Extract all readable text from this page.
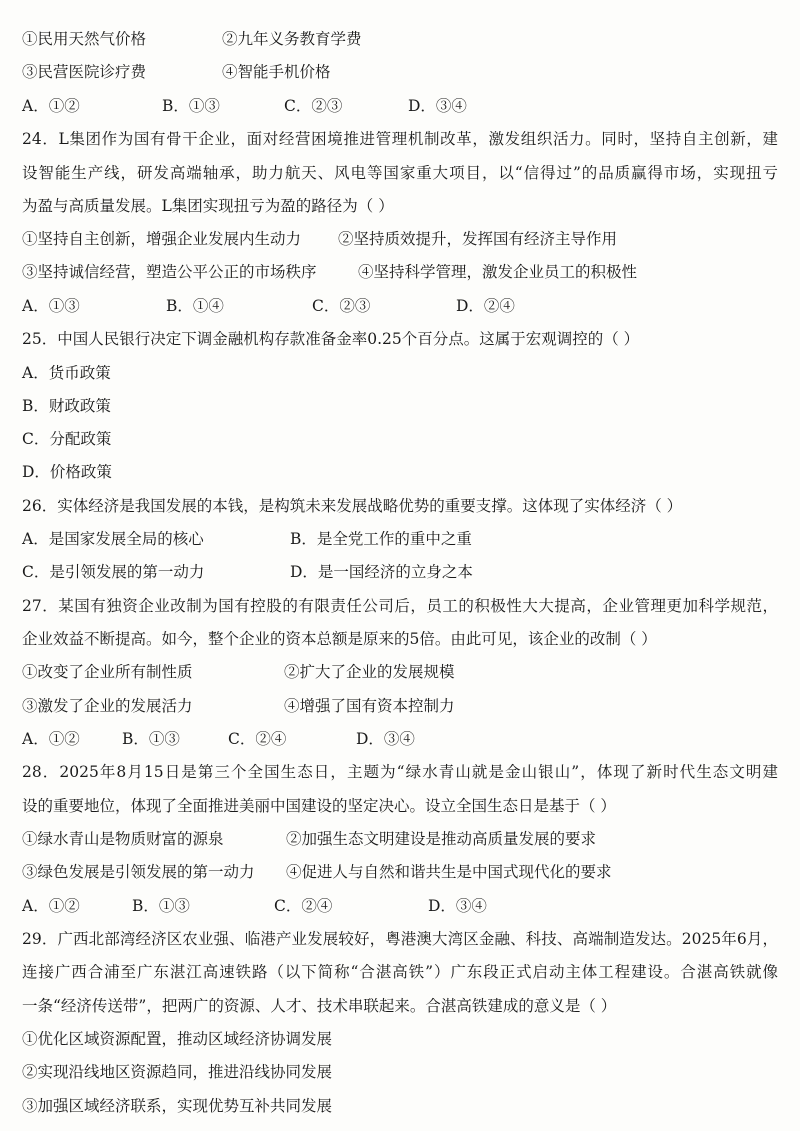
①民用天然气价格	②九年义务教育学费
③民营医院诊疗费	④智能手机价格
A．①②	B．①③	C．②③	D．③④
24．L集团作为国有骨干企业，面对经营困境推进管理机制改革，激发组织活力。同时，坚持自主创新，建
设智能生产线，研发高端轴承，助力航天、风电等国家重大项目，以“信得过”的品质赢得市场，实现扭亏
为盈与高质量发展。L集团实现扭亏为盈的路径为（ ）
①坚持自主创新，增强企业发展内生动力 ②坚持质效提升，发挥国有经济主导作用
③坚持诚信经营，塑造公平公正的市场秩序	④坚持科学管理，激发企业员工的积极性
A．①③	B．①④	C．②③	D．②④
25．中国人民银行决定下调金融机构存款准备金率0.25个百分点。这属于宏观调控的（ ）
A．货币政策
B．财政政策
C．分配政策
D．价格政策
26．实体经济是我国发展的本钱，是构筑未来发展战略优势的重要支撑。这体现了实体经济（ ）
A．是国家发展全局的核心	B．是全党工作的重中之重
C．是引领发展的第一动力	D．是一国经济的立身之本
27．某国有独资企业改制为国有控股的有限责任公司后，员工的积极性大大提高，企业管理更加科学规范，
企业效益不断提高。如今，整个企业的资本总额是原来的5倍。由此可见，该企业的改制（ ）
①改变了企业所有制性质	②扩大了企业的发展规模
③激发了企业的发展活力	④增强了国有资本控制力
A．①②	B．①③	C．②④	D．③④
28．2025年8月15日是第三个全国生态日，主题为“绿水青山就是金山银山”，体现了新时代生态文明建
设的重要地位，体现了全面推进美丽中国建设的坚定决心。设立全国生态日是基于（ ）
①绿水青山是物质财富的源泉	②加强生态文明建设是推动高质量发展的要求
③绿色发展是引领发展的第一动力 ④促进人与自然和谐共生是中国式现代化的要求
A．①②	B．①③	C．②④	D．③④
29．广西北部湾经济区农业强、临港产业发展较好，粤港澳大湾区金融、科技、高端制造发达。2025年6月，
连接广西合浦至广东湛江高速铁路（以下简称“合湛高铁”）广东段正式启动主体工程建设。合湛高铁就像
一条“经济传送带”，把两广的资源、人才、技术串联起来。合湛高铁建成的意义是（ ）
①优化区域资源配置，推动区域经济协调发展
②实现沿线地区资源趋同，推进沿线协同发展
③加强区域经济联系，实现优势互补共同发展
